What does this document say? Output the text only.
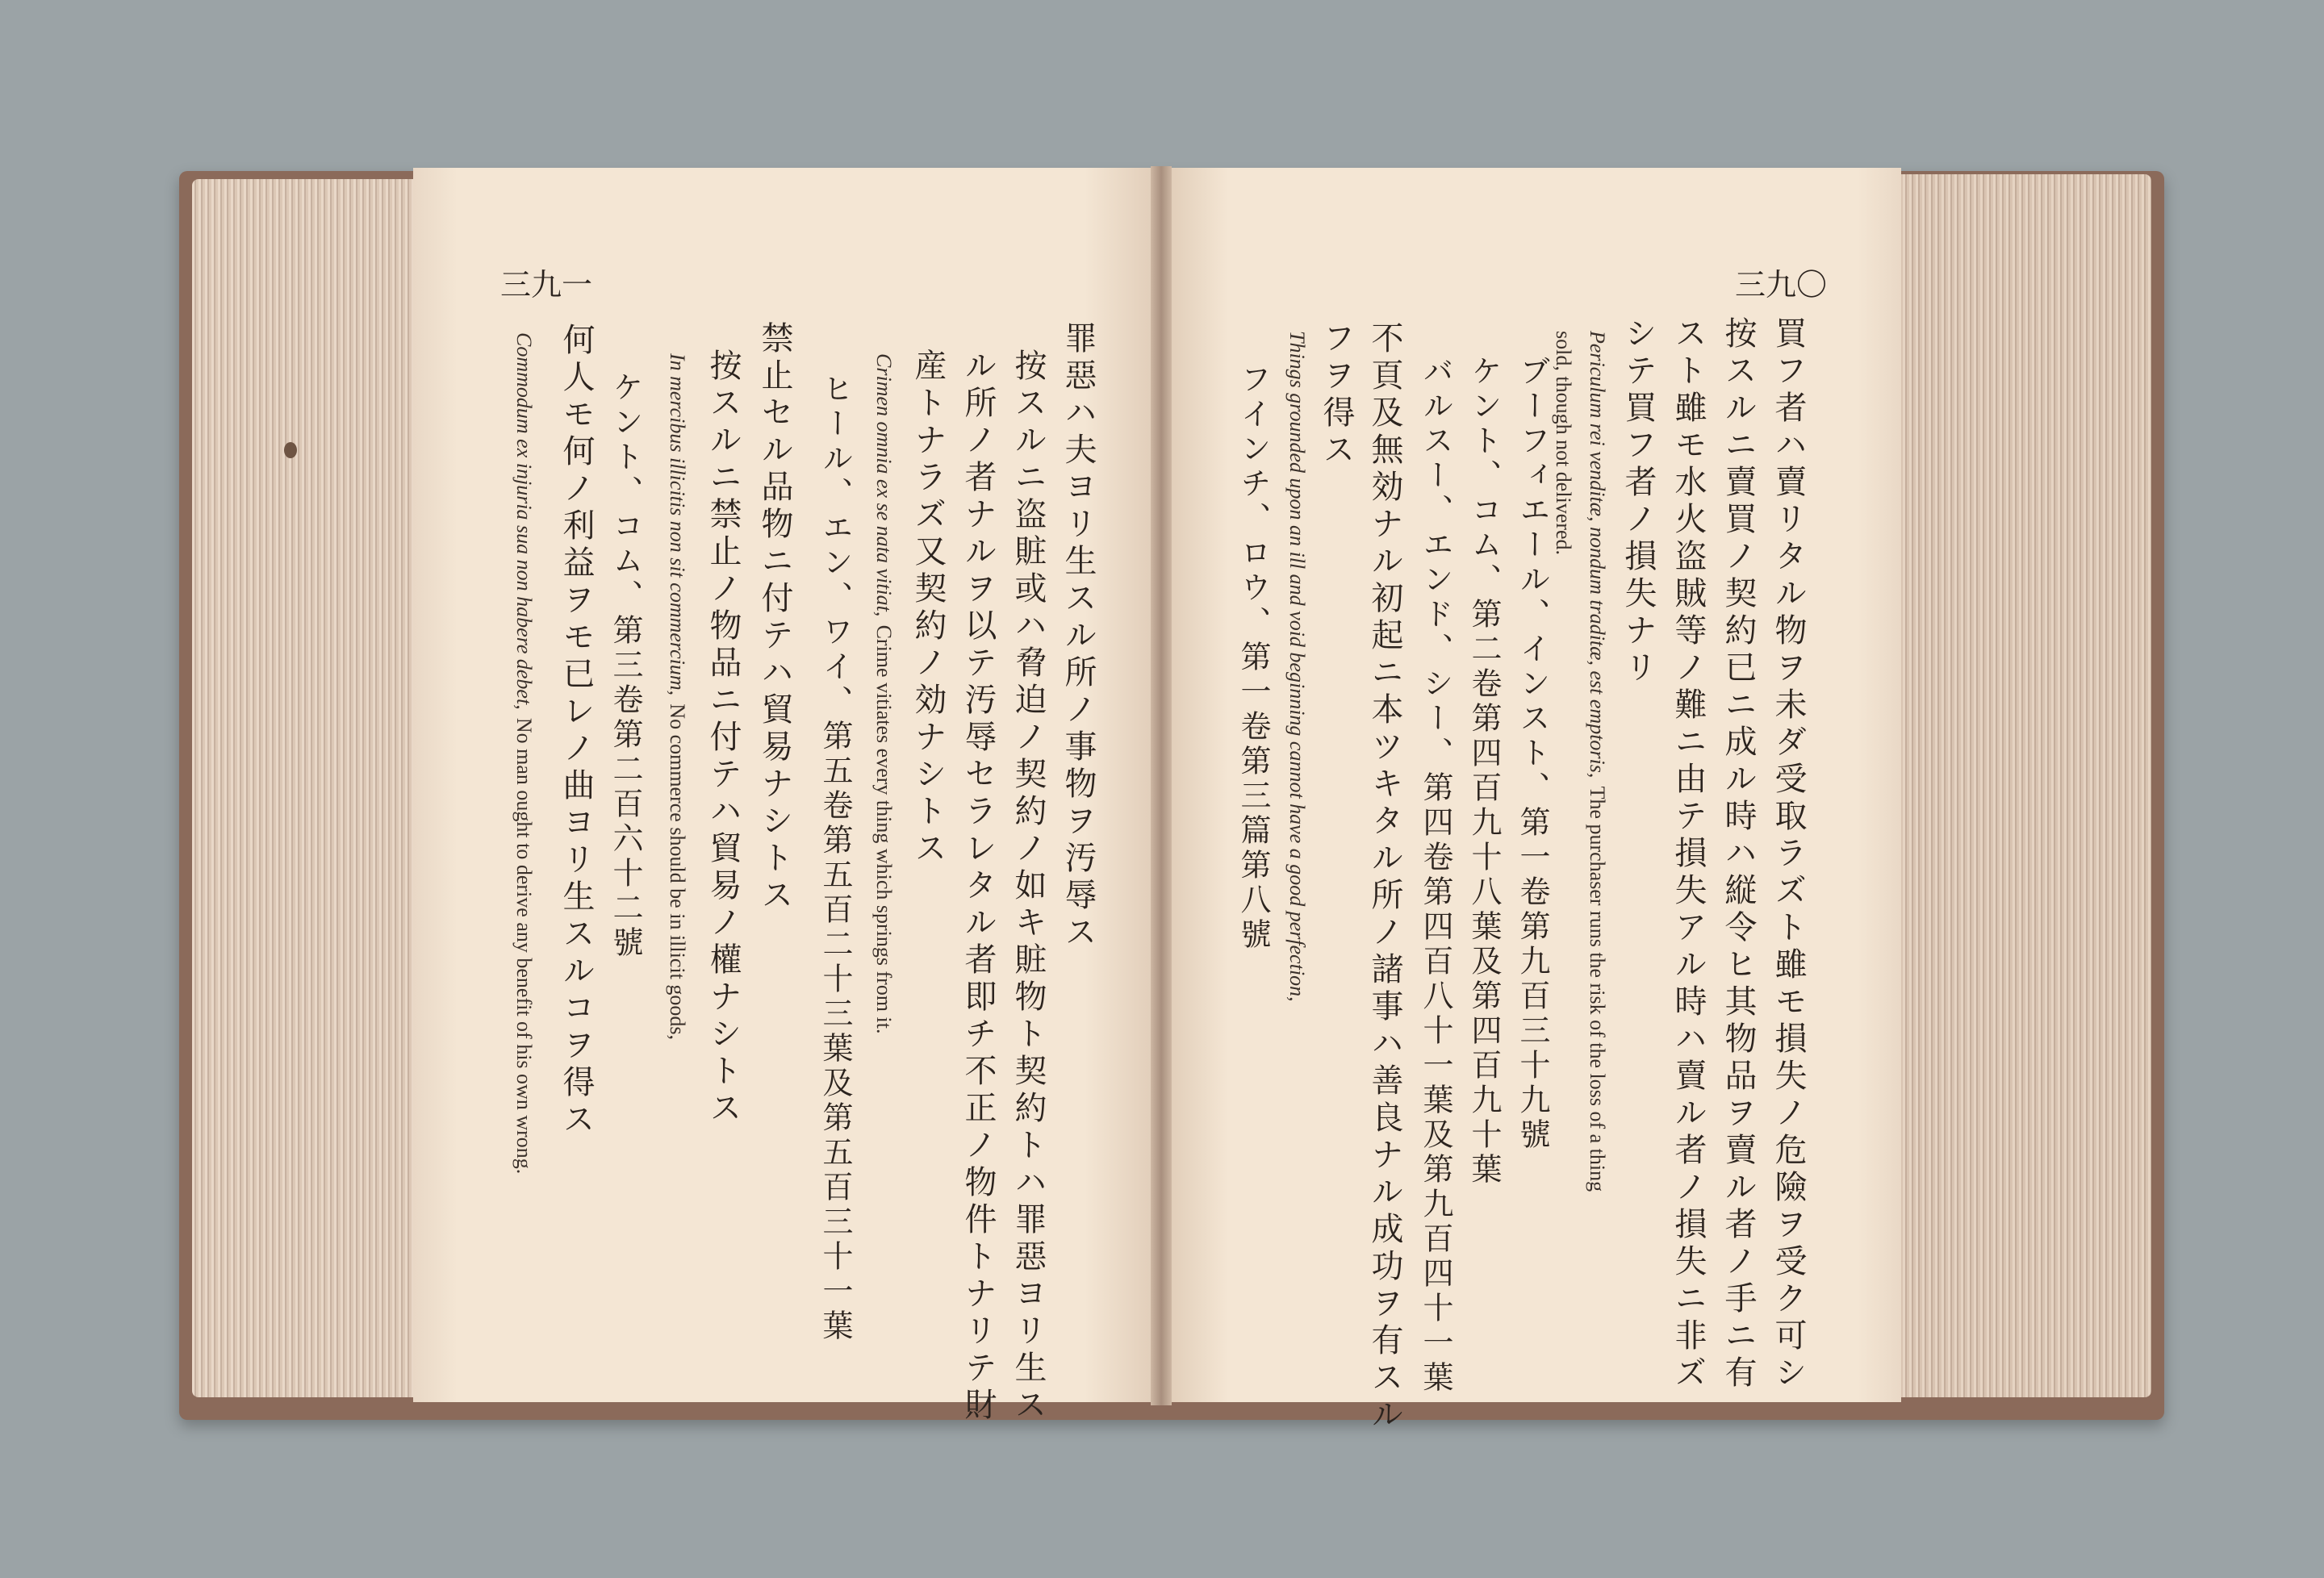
三九〇

買フ者ハ賣リタル物ヲ未ダ受取ラズト雖モ損失ノ危險ヲ受ク可シ

按スルニ賣買ノ契約已ニ成ル時ハ縦令ヒ其物品ヲ賣ル者ノ手ニ有

スト雖モ水火盗賊等ノ難ニ由テ損失アル時ハ賣ル者ノ損失ニ非ズ

シテ買フ者ノ損失ナリ

Periculum rei venditæ, nondum traditæ, est emptoris,  The purchaser runs the risk of the loss of a thing

sold, though not delivered.

ブーフィエール、インスト、第一卷第九百三十九號

ケント、コム、第二卷第四百九十八葉及第四百九十葉

バルスー、エンド、シー、第四卷第四百八十一葉及第九百四十一葉

不頁及無効ナル初起ニ本ツキタル所ノ諸事ハ善良ナル成功ヲ有スル

フヲ得ス

Things grounded upon an ill and void beginning cannot have a good perfection,

フインチ、ロウ、第一卷第三篇第八號

三九一

罪惡ハ夫ヨリ生スル所ノ事物ヲ汚辱ス

按スルニ盗賍或ハ脅迫ノ契約ノ如キ賍物ト契約トハ罪惡ヨリ生ス

ル所ノ者ナルヲ以テ汚辱セラレタル者即チ不正ノ物件トナリテ財

産トナラズ又契約ノ効ナシトス

Crimen omnia ex se nata vitiat,  Crime vitiates every thing which springs from it.

ヒール、エン、ワイ、第五卷第五百二十三葉及第五百三十一葉

禁止セル品物ニ付テハ貿易ナシトス

按スルニ禁止ノ物品ニ付テハ貿易ノ權ナシトス

In mercibus illicitis non sit commercium,  No commerce should be in illicit goods,

ケント、コム、第三卷第二百六十二號

何人モ何ノ利益ヲモ已レノ曲ヨリ生スルコヲ得ス

Commodum ex injuria sua non habere debet,  No man ought to derive any benefit of his own wrong.
